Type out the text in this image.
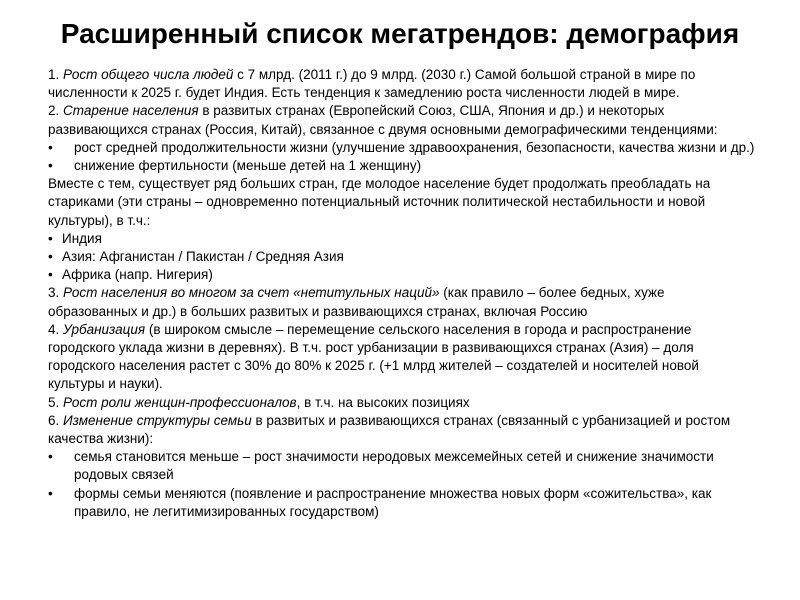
Расширенный список мегатрендов: демография

1. Рост общего числа людей с 7 млрд. (2011 г.) до 9 млрд. (2030 г.) Самой большой страной в мире по численности к 2025 г. будет Индия. Есть тенденция к замедлению роста численности людей в мире.

2. Старение населения в развитых странах (Европейский Союз, США, Япония и др.) и некоторых развивающихся странах (Россия, Китай), связанное с двумя основными демографическими тенденциями:

• рост средней продолжительности жизни (улучшение здравоохранения, безопасности, качества жизни и др.)

• снижение фертильности (меньше детей на 1 женщину)

Вместе с тем, существует ряд больших стран, где молодое население будет продолжать преобладать на стариками (эти страны – одновременно потенциальный источник политической нестабильности и новой культуры), в т.ч.:

• Индия

• Азия: Афганистан / Пакистан / Средняя Азия

• Африка (напр. Нигерия)

3. Рост населения во многом за счет «нетитульных наций» (как правило – более бедных, хуже образованных и др.) в больших развитых и развивающихся странах, включая Россию

4. Урбанизация (в широком смысле – перемещение сельского населения в города и распространение городского уклада жизни в деревнях). В т.ч. рост урбанизации в развивающихся странах (Азия) – доля городского населения растет с 30% до 80% к 2025 г. (+1 млрд жителей – создателей и носителей новой культуры и науки).

5. Рост роли женщин-профессионалов, в т.ч. на высоких позициях

6. Изменение структуры семьи в развитых и развивающихся странах (связанный с урбанизацией и ростом качества жизни):

• семья становится меньше – рост значимости неродовых межсемейных сетей и снижение значимости родовых связей

• формы семьи меняются (появление и распространение множества новых форм «сожительства», как правило, не легитимизированных государством)
